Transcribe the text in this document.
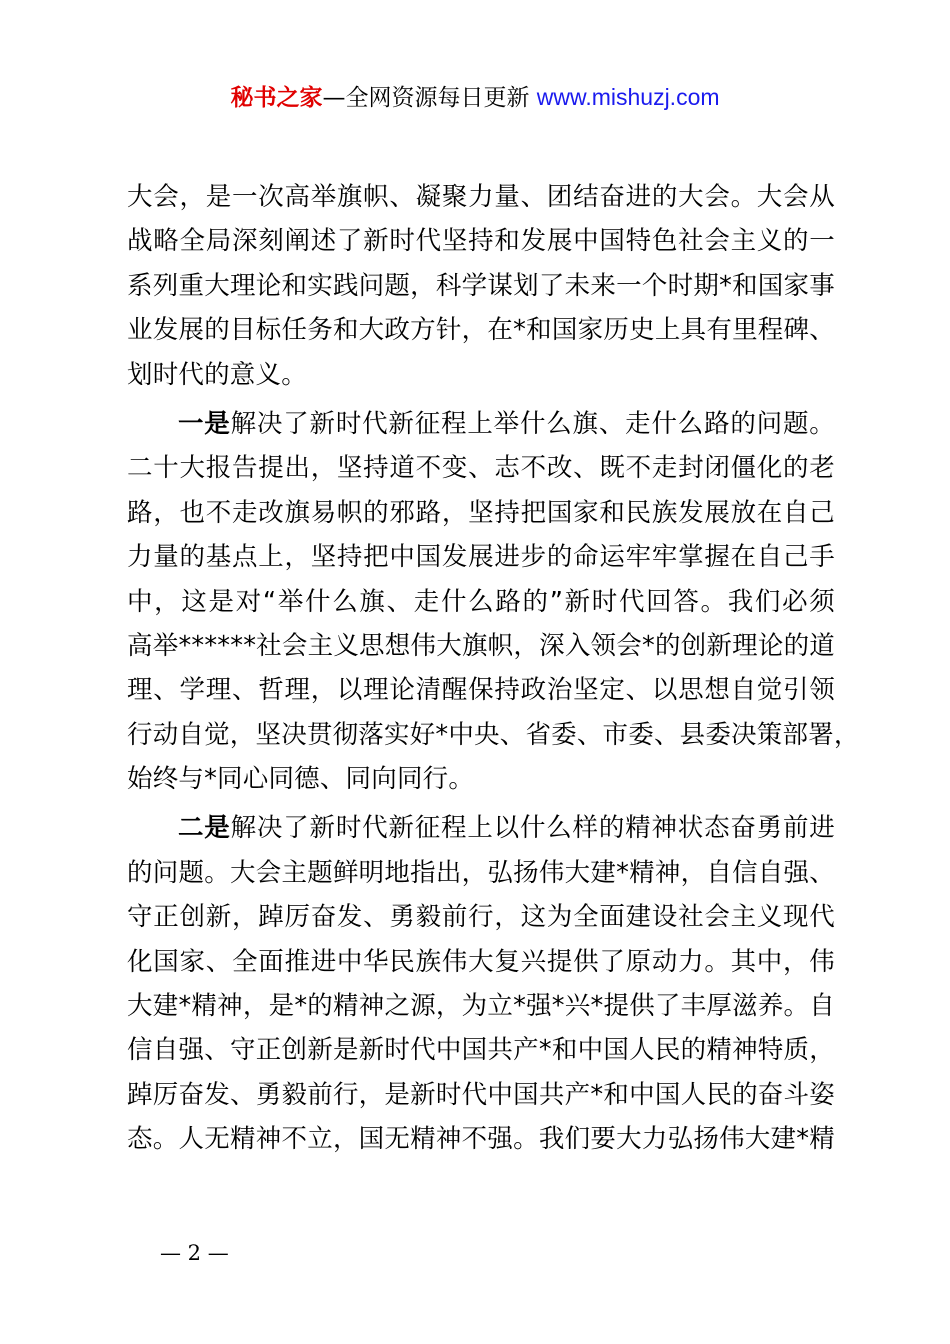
秘书之家—全网资源每日更新 www.mishuzj.com
大会，是一次高举旗帜、凝聚力量、团结奋进的大会。大会从
战略全局深刻阐述了新时代坚持和发展中国特色社会主义的一
系列重大理论和实践问题，科学谋划了未来一个时期*和国家事
业发展的目标任务和大政方针，在*和国家历史上具有里程碑、
划时代的意义。
一是解决了新时代新征程上举什么旗、走什么路的问题。
二十大报告提出，坚持道不变、志不改、既不走封闭僵化的老
路，也不走改旗易帜的邪路，坚持把国家和民族发展放在自己
力量的基点上，坚持把中国发展进步的命运牢牢掌握在自己手
中，这是对“举什么旗、走什么路的”新时代回答。我们必须
高举******社会主义思想伟大旗帜，深入领会*的创新理论的道
理、学理、哲理，以理论清醒保持政治坚定、以思想自觉引领
行动自觉，坚决贯彻落实好*中央、省委、市委、县委决策部署，
始终与*同心同德、同向同行。
二是解决了新时代新征程上以什么样的精神状态奋勇前进
的问题。大会主题鲜明地指出，弘扬伟大建*精神，自信自强、
守正创新，踔厉奋发、勇毅前行，这为全面建设社会主义现代
化国家、全面推进中华民族伟大复兴提供了原动力。其中，伟
大建*精神，是*的精神之源，为立*强*兴*提供了丰厚滋养。自
信自强、守正创新是新时代中国共产*和中国人民的精神特质，
踔厉奋发、勇毅前行，是新时代中国共产*和中国人民的奋斗姿
态。人无精神不立，国无精神不强。我们要大力弘扬伟大建*精
— 2 —
